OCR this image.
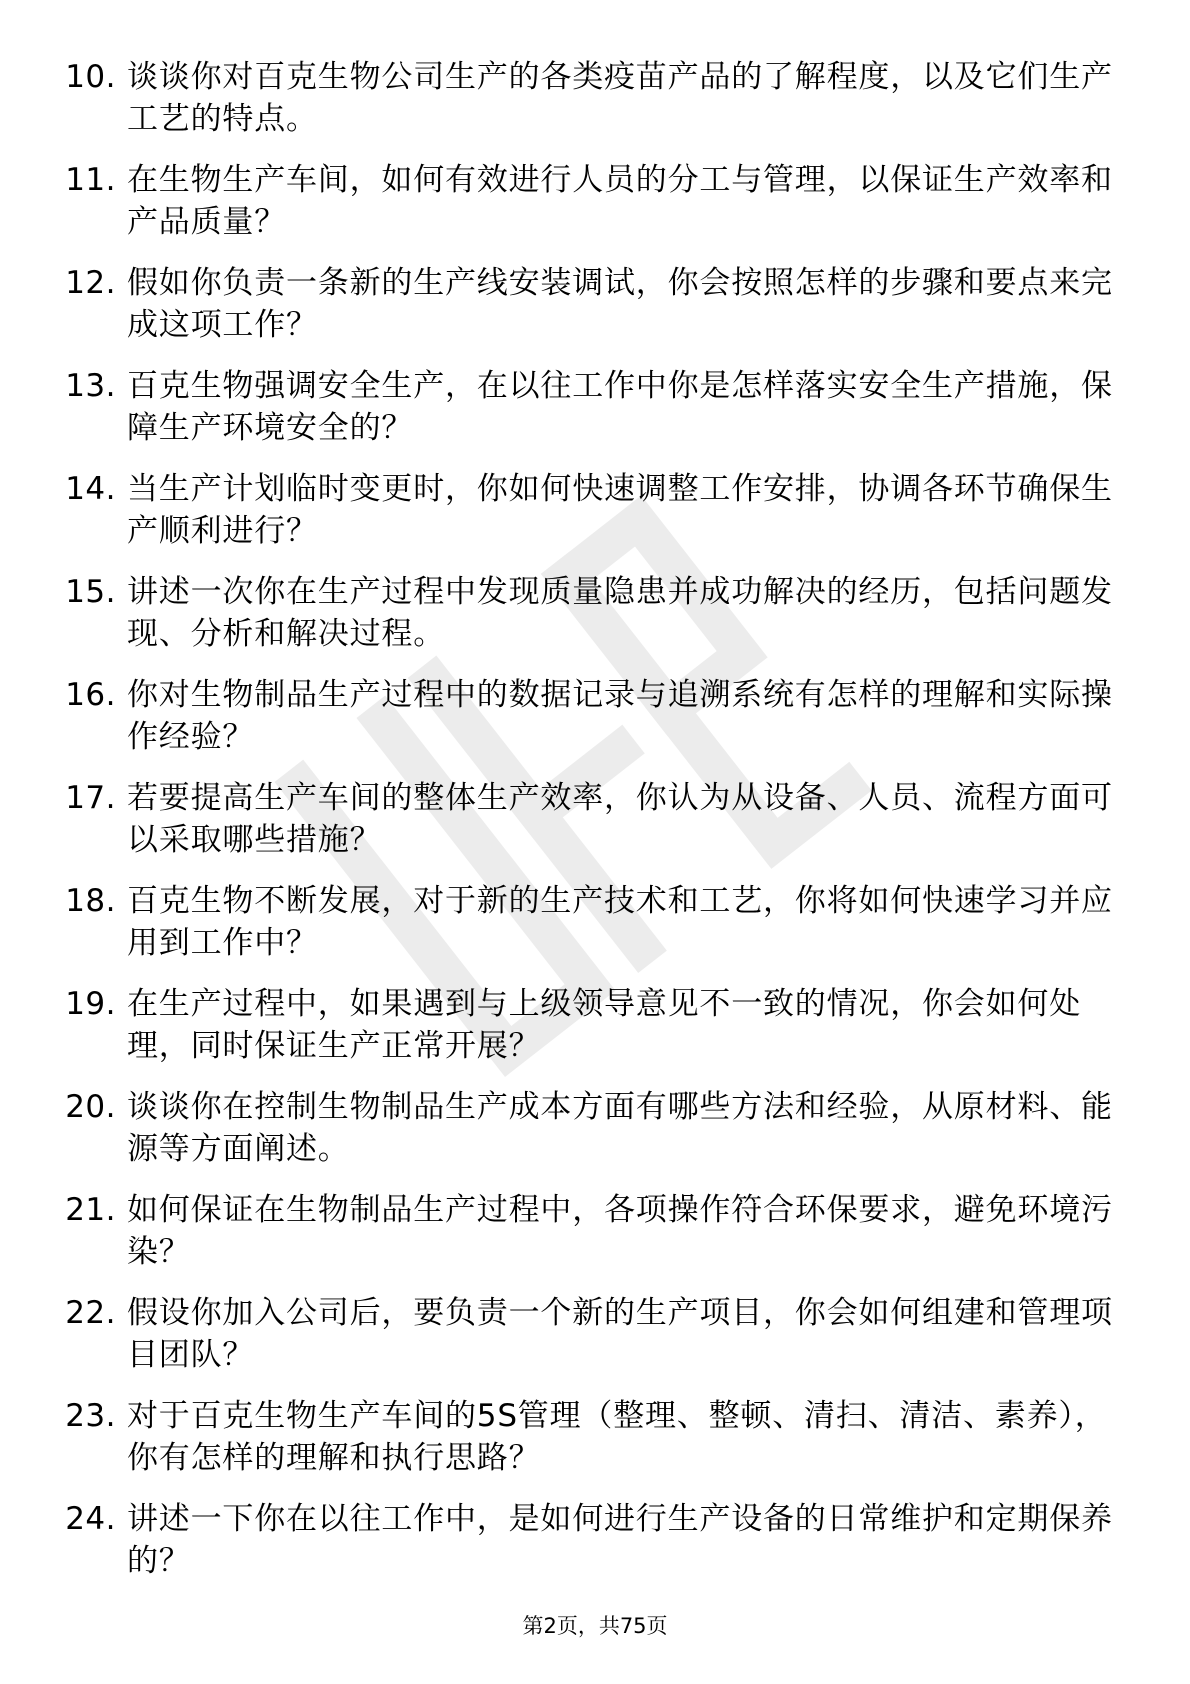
10. 谈谈你对百克生物公司生产的各类疫苗产品的了解程度，以及它们生产工艺的特点。
11. 在生物生产车间，如何有效进行人员的分工与管理，以保证生产效率和产品质量？
12. 假如你负责一条新的生产线安装调试，你会按照怎样的步骤和要点来完成这项工作？
13. 百克生物强调安全生产，在以往工作中你是怎样落实安全生产措施，保障生产环境安全的？
14. 当生产计划临时变更时，你如何快速调整工作安排，协调各环节确保生产顺利进行？
15. 讲述一次你在生产过程中发现质量隐患并成功解决的经历，包括问题发现、分析和解决过程。
16. 你对生物制品生产过程中的数据记录与追溯系统有怎样的理解和实际操作经验？
17. 若要提高生产车间的整体生产效率，你认为从设备、人员、流程方面可以采取哪些措施？
18. 百克生物不断发展，对于新的生产技术和工艺，你将如何快速学习并应用到工作中？
19. 在生产过程中，如果遇到与上级领导意见不一致的情况，你会如何处理，同时保证生产正常开展？
20. 谈谈你在控制生物制品生产成本方面有哪些方法和经验，从原材料、能源等方面阐述。
21. 如何保证在生物制品生产过程中，各项操作符合环保要求，避免环境污染？
22. 假设你加入公司后，要负责一个新的生产项目，你会如何组建和管理项目团队？
23. 对于百克生物生产车间的5S管理（整理、整顿、清扫、清洁、素养），你有怎样的理解和执行思路？
24. 讲述一下你在以往工作中，是如何进行生产设备的日常维护和定期保养的？
第2页，共75页
